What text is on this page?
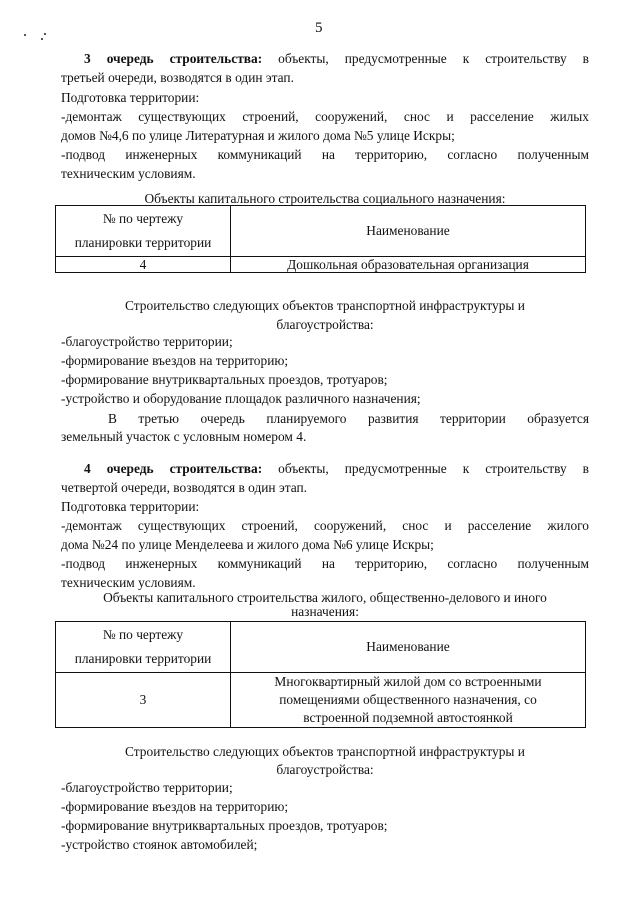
5
3 очередь строительства: объекты, предусмотренные к строительству в
третьей очереди, возводятся в один этап.
Подготовка территории:
-демонтаж существующих строений, сооружений, снос и расселение жилых
домов №4,6 по улице Литературная и жилого дома №5 улице Искры;
-подвод инженерных коммуникаций на территорию, согласно полученным
техническим условиям.
Объекты капитального строительства социального назначения:
№ по чертежу
планировки территории	Наименование
4	Дошкольная образовательная организация
Строительство следующих объектов транспортной инфраструктуры и
благоустройства:
-благоустройство территории;
-формирование въездов на территорию;
-формирование внутриквартальных проездов, тротуаров;
-устройство и оборудование площадок различного назначения;
В третью очередь планируемого развития территории образуется
земельный участок с условным номером 4.
4 очередь строительства: объекты, предусмотренные к строительству в
четвертой очереди, возводятся в один этап.
Подготовка территории:
-демонтаж существующих строений, сооружений, снос и расселение жилого
дома №24 по улице Менделеева и жилого дома №6 улице Искры;
-подвод инженерных коммуникаций на территорию, согласно полученным
техническим условиям.
Объекты капитального строительства жилого, общественно-делового и иного
назначения:
№ по чертежу
планировки территории	Наименование
3	Многоквартирный жилой дом со встроенными
помещениями общественного назначения, со
встроенной подземной автостоянкой
Строительство следующих объектов транспортной инфраструктуры и
благоустройства:
-благоустройство территории;
-формирование въездов на территорию;
-формирование внутриквартальных проездов, тротуаров;
-устройство стоянок автомобилей;
